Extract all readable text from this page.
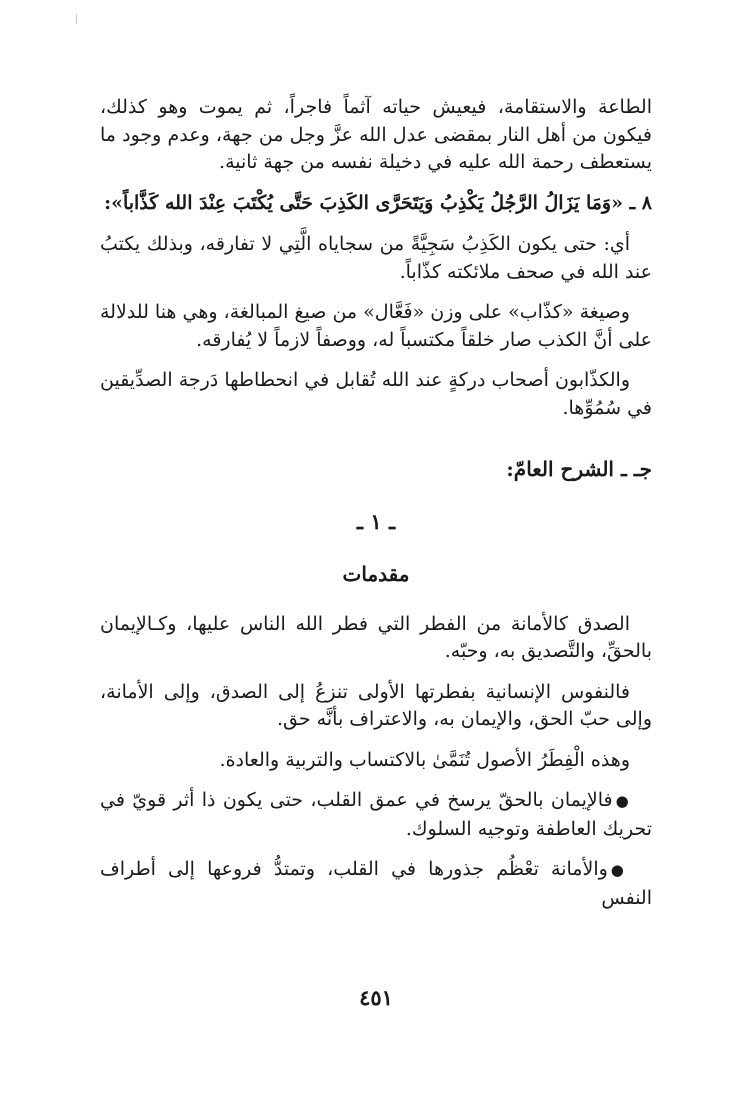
الطاعة والاستقامة، فيعيش حياته آثماً فاجراً، ثم يموت وهو كذلك، فيكون من أهل النار بمقضى عدل الله عزَّ وجل من جهة، وعدم وجود ما يستعطف رحمة الله عليه في دخيلة نفسه من جهة ثانية.

٨ ـ «وَمَا يَزَالُ الرَّجُلُ يَكْذِبُ وَيَتَحَرَّى الكَذِبَ حَتَّى يُكْتَبَ عِنْدَ الله كَذَّاباً»:

أي: حتى يكون الكَذِبُ سَجِيَّةً من سجاياه الَّتِي لا تفارقه، وبذلك يكتبُ عند الله في صحف ملائكته كذّاباً.

وصيغة «كذّاب» على وزن «فَعَّال» من صيغ المبالغة، وهي هنا للدلالة على أنَّ الكذب صار خلقاً مكتسباً له، ووصفاً لازماً لا يُفارقه.

والكذّابون أصحاب دركةٍ عند الله تُقابل في انحطاطها دَرجة الصدِّيقين في سُمُوِّها.

جـ ـ الشرح العامّ:
ـ ١ ـ
مقدمات

الصدق كالأمانة من الفطر التي فطر الله الناس عليها، وكـالإيمان بالحقِّ، والتَّصديق به، وحبّه.

فالنفوس الإنسانية بفطرتها الأولى تنزعُ إلى الصدق، وإلى الأمانة، وإلى حبّ الحق، والإيمان به، والاعتراف بأنَّه حق.

وهذه الْفِطَرُ الأصول تُنَمَّىٰ بالاكتساب والتربية والعادة.

●فالإيمان بالحقّ يرسخ في عمق القلب، حتى يكون ذا أثر قويّ في تحريك العاطفة وتوجيه السلوك.

●والأمانة تعْظُم جذورها في القلب، وتمتدُّ فروعها إلى أطراف النفس

٤٥١
